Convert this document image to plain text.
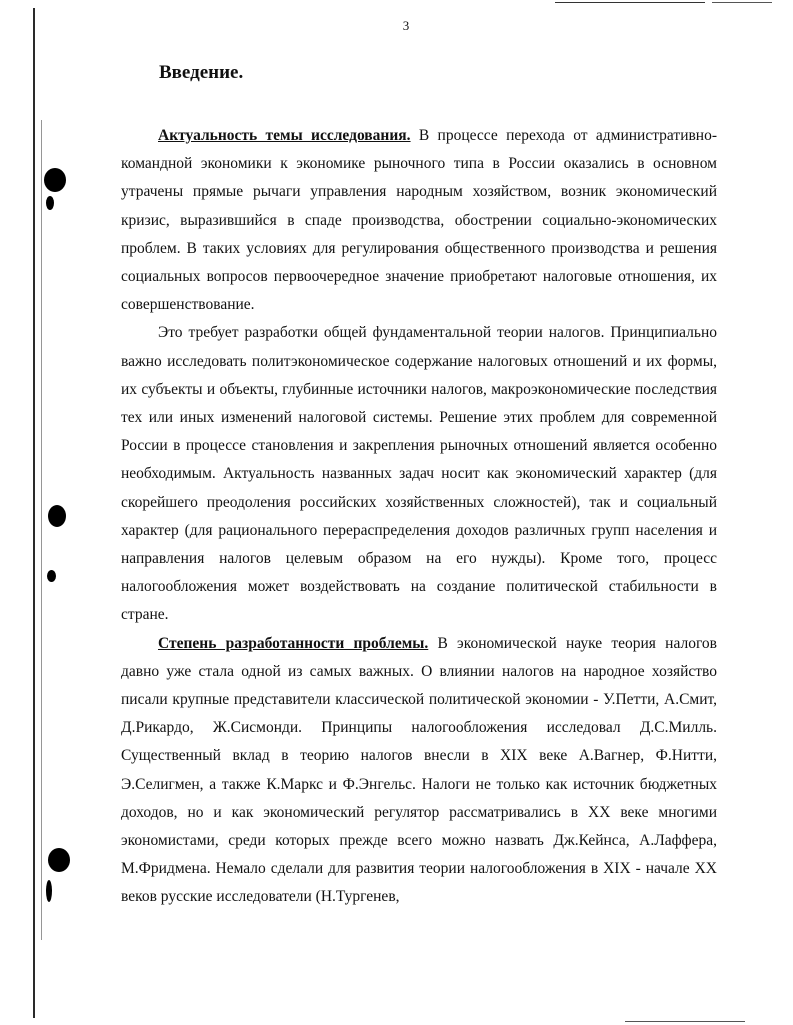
3
Введение.

Актуальность темы исследования. В процессе перехода от административно-командной экономики к экономике рыночного типа в России оказались в основном утрачены прямые рычаги управления народным хозяйством, возник экономический кризис, выразившийся в спаде производства, обострении социально-экономических проблем. В таких условиях для регулирования общественного производства и решения социальных вопросов первоочередное значение приобретают налоговые отношения, их совершенствование.

Это требует разработки общей фундаментальной теории налогов. Принципиально важно исследовать политэкономическое содержание налоговых отношений и их формы, их субъекты и объекты, глубинные источники налогов, макроэкономические последствия тех или иных изменений налоговой системы. Решение этих проблем для современной России в процессе становления и закрепления рыночных отношений является особенно необходимым. Актуальность названных задач носит как экономический характер (для скорейшего преодоления российских хозяйственных сложностей), так и социальный характер (для рационального перераспределения доходов различных групп населения и направления налогов целевым образом на его нужды). Кроме того, процесс налогообложения может воздействовать на создание политической стабильности в стране.

Степень разработанности проблемы. В экономической науке теория налогов давно уже стала одной из самых важных. О влиянии налогов на народное хозяйство писали крупные представители классической политической экономии - У.Петти, А.Смит, Д.Рикардо, Ж.Сисмонди. Принципы налогообложения исследовал Д.С.Милль. Существенный вклад в теорию налогов внесли в XIX веке А.Вагнер, Ф.Нитти, Э.Селигмен, а также К.Маркс и Ф.Энгельс. Налоги не только как источник бюджетных доходов, но и как экономический регулятор рассматривались в XX веке многими экономистами, среди которых прежде всего можно назвать Дж.Кейнса, А.Лаффера, М.Фридмена. Немало сделали для развития теории налогообложения в XIX - начале XX веков русские исследователи (Н.Тургенев,
